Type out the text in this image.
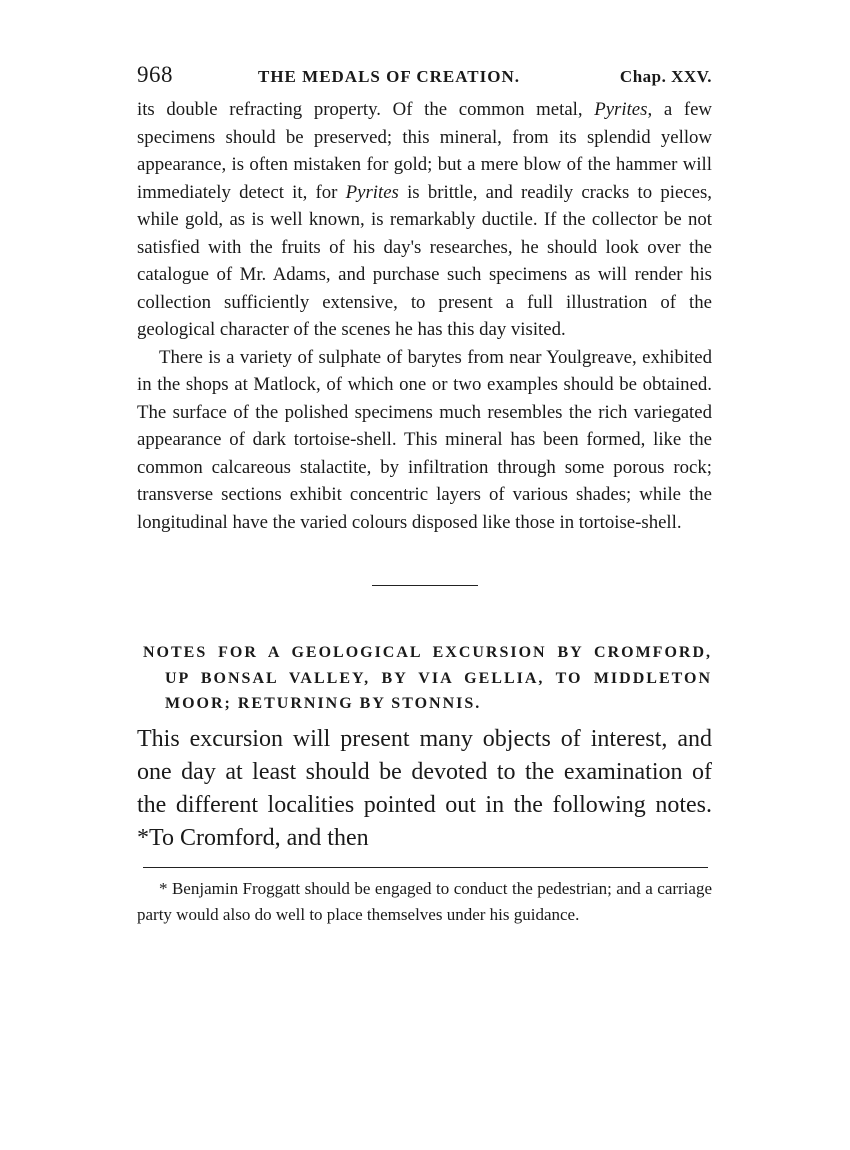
968	THE MEDALS OF CREATION.	Chap. XXV.

its double refracting property. Of the common metal, Pyrites, a few specimens should be preserved; this mineral, from its splendid yellow appearance, is often mistaken for gold; but a mere blow of the hammer will immediately detect it, for Pyrites is brittle, and readily cracks to pieces, while gold, as is well known, is remarkably ductile. If the collector be not satisfied with the fruits of his day's researches, he should look over the catalogue of Mr. Adams, and purchase such specimens as will render his collection sufficiently extensive, to present a full illustration of the geological character of the scenes he has this day visited.

There is a variety of sulphate of barytes from near Youlgreave, exhibited in the shops at Matlock, of which one or two examples should be obtained. The surface of the polished specimens much resembles the rich variegated appearance of dark tortoise-shell. This mineral has been formed, like the common calcareous stalactite, by infiltration through some porous rock; transverse sections exhibit concentric layers of various shades; while the longitudinal have the varied colours disposed like those in tortoise-shell.

NOTES FOR A GEOLOGICAL EXCURSION BY CROMFORD, UP BONSAL VALLEY, BY VIA GELLIA, TO MIDDLETON MOOR; RETURNING BY STONNIS.

This excursion will present many objects of interest, and one day at least should be devoted to the examination of the different localities pointed out in the following notes. *To Cromford, and then

* Benjamin Froggatt should be engaged to conduct the pedestrian; and a carriage party would also do well to place themselves under his guidance.
